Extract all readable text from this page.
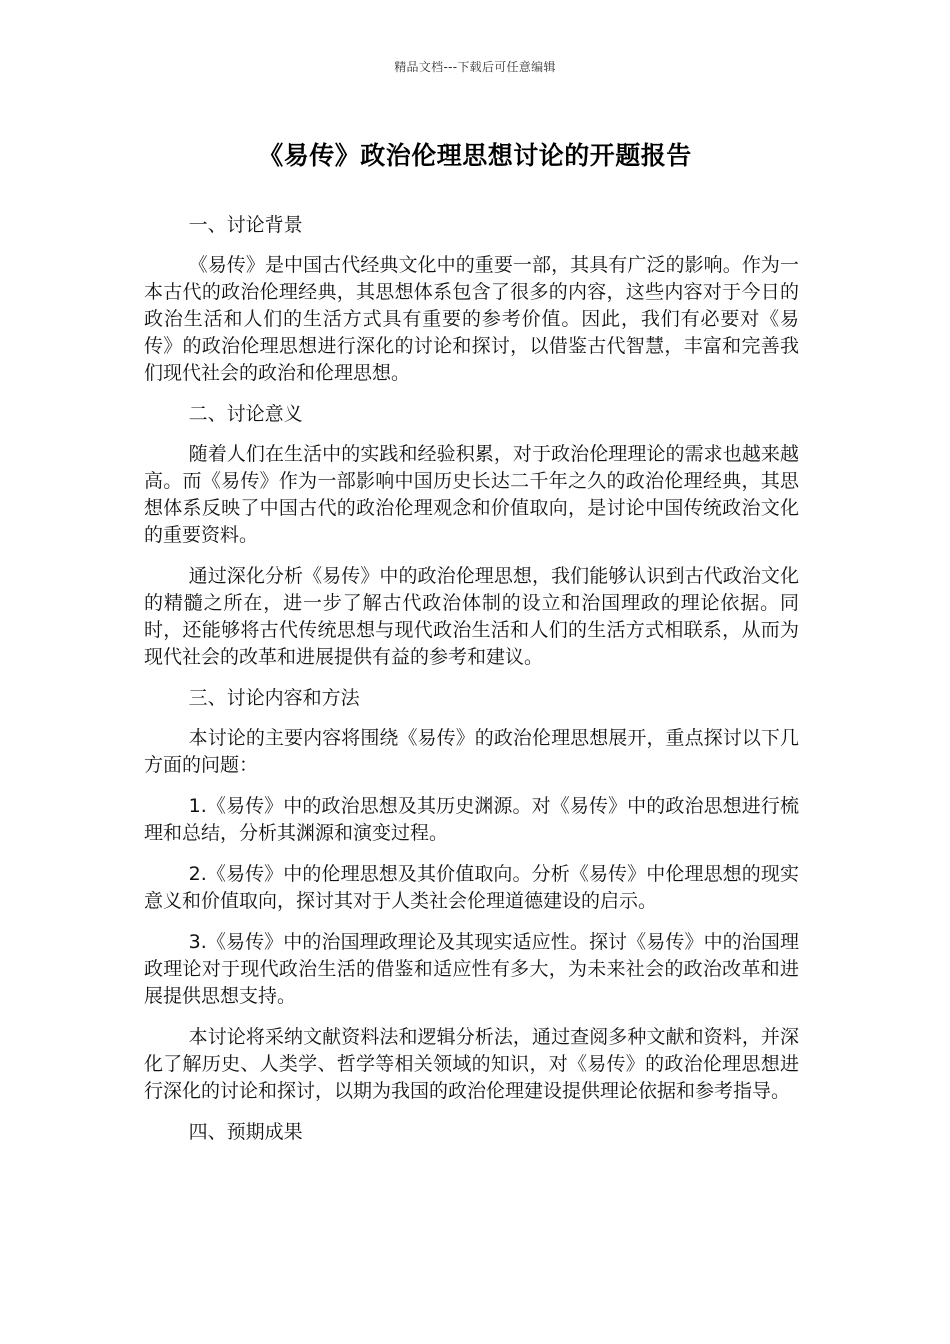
精品文档---下载后可任意编辑
《易传》政治伦理思想讨论的开题报告

一、讨论背景

《易传》是中国古代经典文化中的重要一部，其具有广泛的影响。作为一本古代的政治伦理经典，其思想体系包含了很多的内容，这些内容对于今日的政治生活和人们的生活方式具有重要的参考价值。因此，我们有必要对《易传》的政治伦理思想进行深化的讨论和探讨，以借鉴古代智慧，丰富和完善我们现代社会的政治和伦理思想。

二、讨论意义

随着人们在生活中的实践和经验积累，对于政治伦理理论的需求也越来越高。而《易传》作为一部影响中国历史长达二千年之久的政治伦理经典，其思想体系反映了中国古代的政治伦理观念和价值取向，是讨论中国传统政治文化的重要资料。

通过深化分析《易传》中的政治伦理思想，我们能够认识到古代政治文化的精髓之所在，进一步了解古代政治体制的设立和治国理政的理论依据。同时，还能够将古代传统思想与现代政治生活和人们的生活方式相联系，从而为现代社会的改革和进展提供有益的参考和建议。

三、讨论内容和方法

本讨论的主要内容将围绕《易传》的政治伦理思想展开，重点探讨以下几方面的问题：

1.《易传》中的政治思想及其历史渊源。对《易传》中的政治思想进行梳理和总结，分析其渊源和演变过程。

2.《易传》中的伦理思想及其价值取向。分析《易传》中伦理思想的现实意义和价值取向，探讨其对于人类社会伦理道德建设的启示。

3.《易传》中的治国理政理论及其现实适应性。探讨《易传》中的治国理政理论对于现代政治生活的借鉴和适应性有多大，为未来社会的政治改革和进展提供思想支持。

本讨论将采纳文献资料法和逻辑分析法，通过查阅多种文献和资料，并深化了解历史、人类学、哲学等相关领域的知识，对《易传》的政治伦理思想进行深化的讨论和探讨，以期为我国的政治伦理建设提供理论依据和参考指导。

四、预期成果
